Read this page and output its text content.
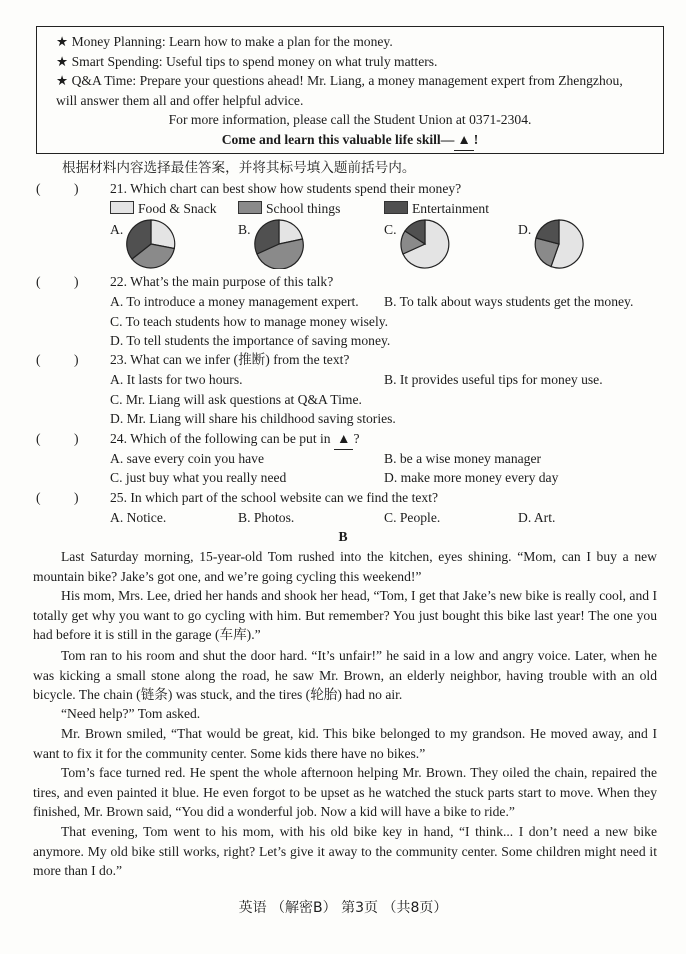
★ Money Planning: Learn how to make a plan for the money.
★ Smart Spending: Useful tips to spend money on what truly matters.
★ Q&A Time: Prepare your questions ahead! Mr. Liang, a money management expert from Zhengzhou,
will answer them all and offer helpful advice.
For more information, please call the Student Union at 0371-2304.
Come and learn this valuable life skill— ▲ !
根据材料内容选择最佳答案，并将其标号填入题前括号内。
( ) 21. Which chart can best show how students spend their money?
Food & Snack	School things	Entertainment
A.	B.	C.	D.
( ) 22. What’s the main purpose of this talk?
A. To introduce a money management expert. B. To talk about ways students get the money.
C. To teach students how to manage money wisely.
D. To tell students the importance of saving money.
( ) 23. What can we infer (推断) from the text?
A. It lasts for two hours.	B. It provides useful tips for money use.
C. Mr. Liang will ask questions at Q&A Time.
D. Mr. Liang will share his childhood saving stories.
( ) 24. Which of the following can be put in ▲ ?
A. save every coin you have	B. be a wise money manager
C. just buy what you really need	D. make more money every day
( ) 25. In which part of the school website can we find the text?
A. Notice.	B. Photos.	C. People.	D. Art.
B
Last Saturday morning, 15-year-old Tom rushed into the kitchen, eyes shining. “Mom, can I buy a new mountain bike? Jake’s got one, and we’re going cycling this weekend!”
His mom, Mrs. Lee, dried her hands and shook her head, “Tom, I get that Jake’s new bike is really cool, and I totally get why you want to go cycling with him. But remember? You just bought this bike last year! The one you had before it is still in the garage (车库).”
Tom ran to his room and shut the door hard. “It’s unfair!” he said in a low and angry voice. Later, when he was kicking a small stone along the road, he saw Mr. Brown, an elderly neighbor, having trouble with an old bicycle. The chain (链条) was stuck, and the tires (轮胎) had no air.
“Need help?” Tom asked.
Mr. Brown smiled, “That would be great, kid. This bike belonged to my grandson. He moved away, and I want to fix it for the community center. Some kids there have no bikes.”
Tom’s face turned red. He spent the whole afternoon helping Mr. Brown. They oiled the chain, repaired the tires, and even painted it blue. He even forgot to be upset as he watched the stuck parts start to move. When they finished, Mr. Brown said, “You did a wonderful job. Now a kid will have a bike to ride.”
That evening, Tom went to his mom, with his old bike key in hand, “I think... I don’t need a new bike anymore. My old bike still works, right? Let’s give it away to the community center. Some children might need it more than I do.”
英语 （解密B） 第3页 （共8页）
